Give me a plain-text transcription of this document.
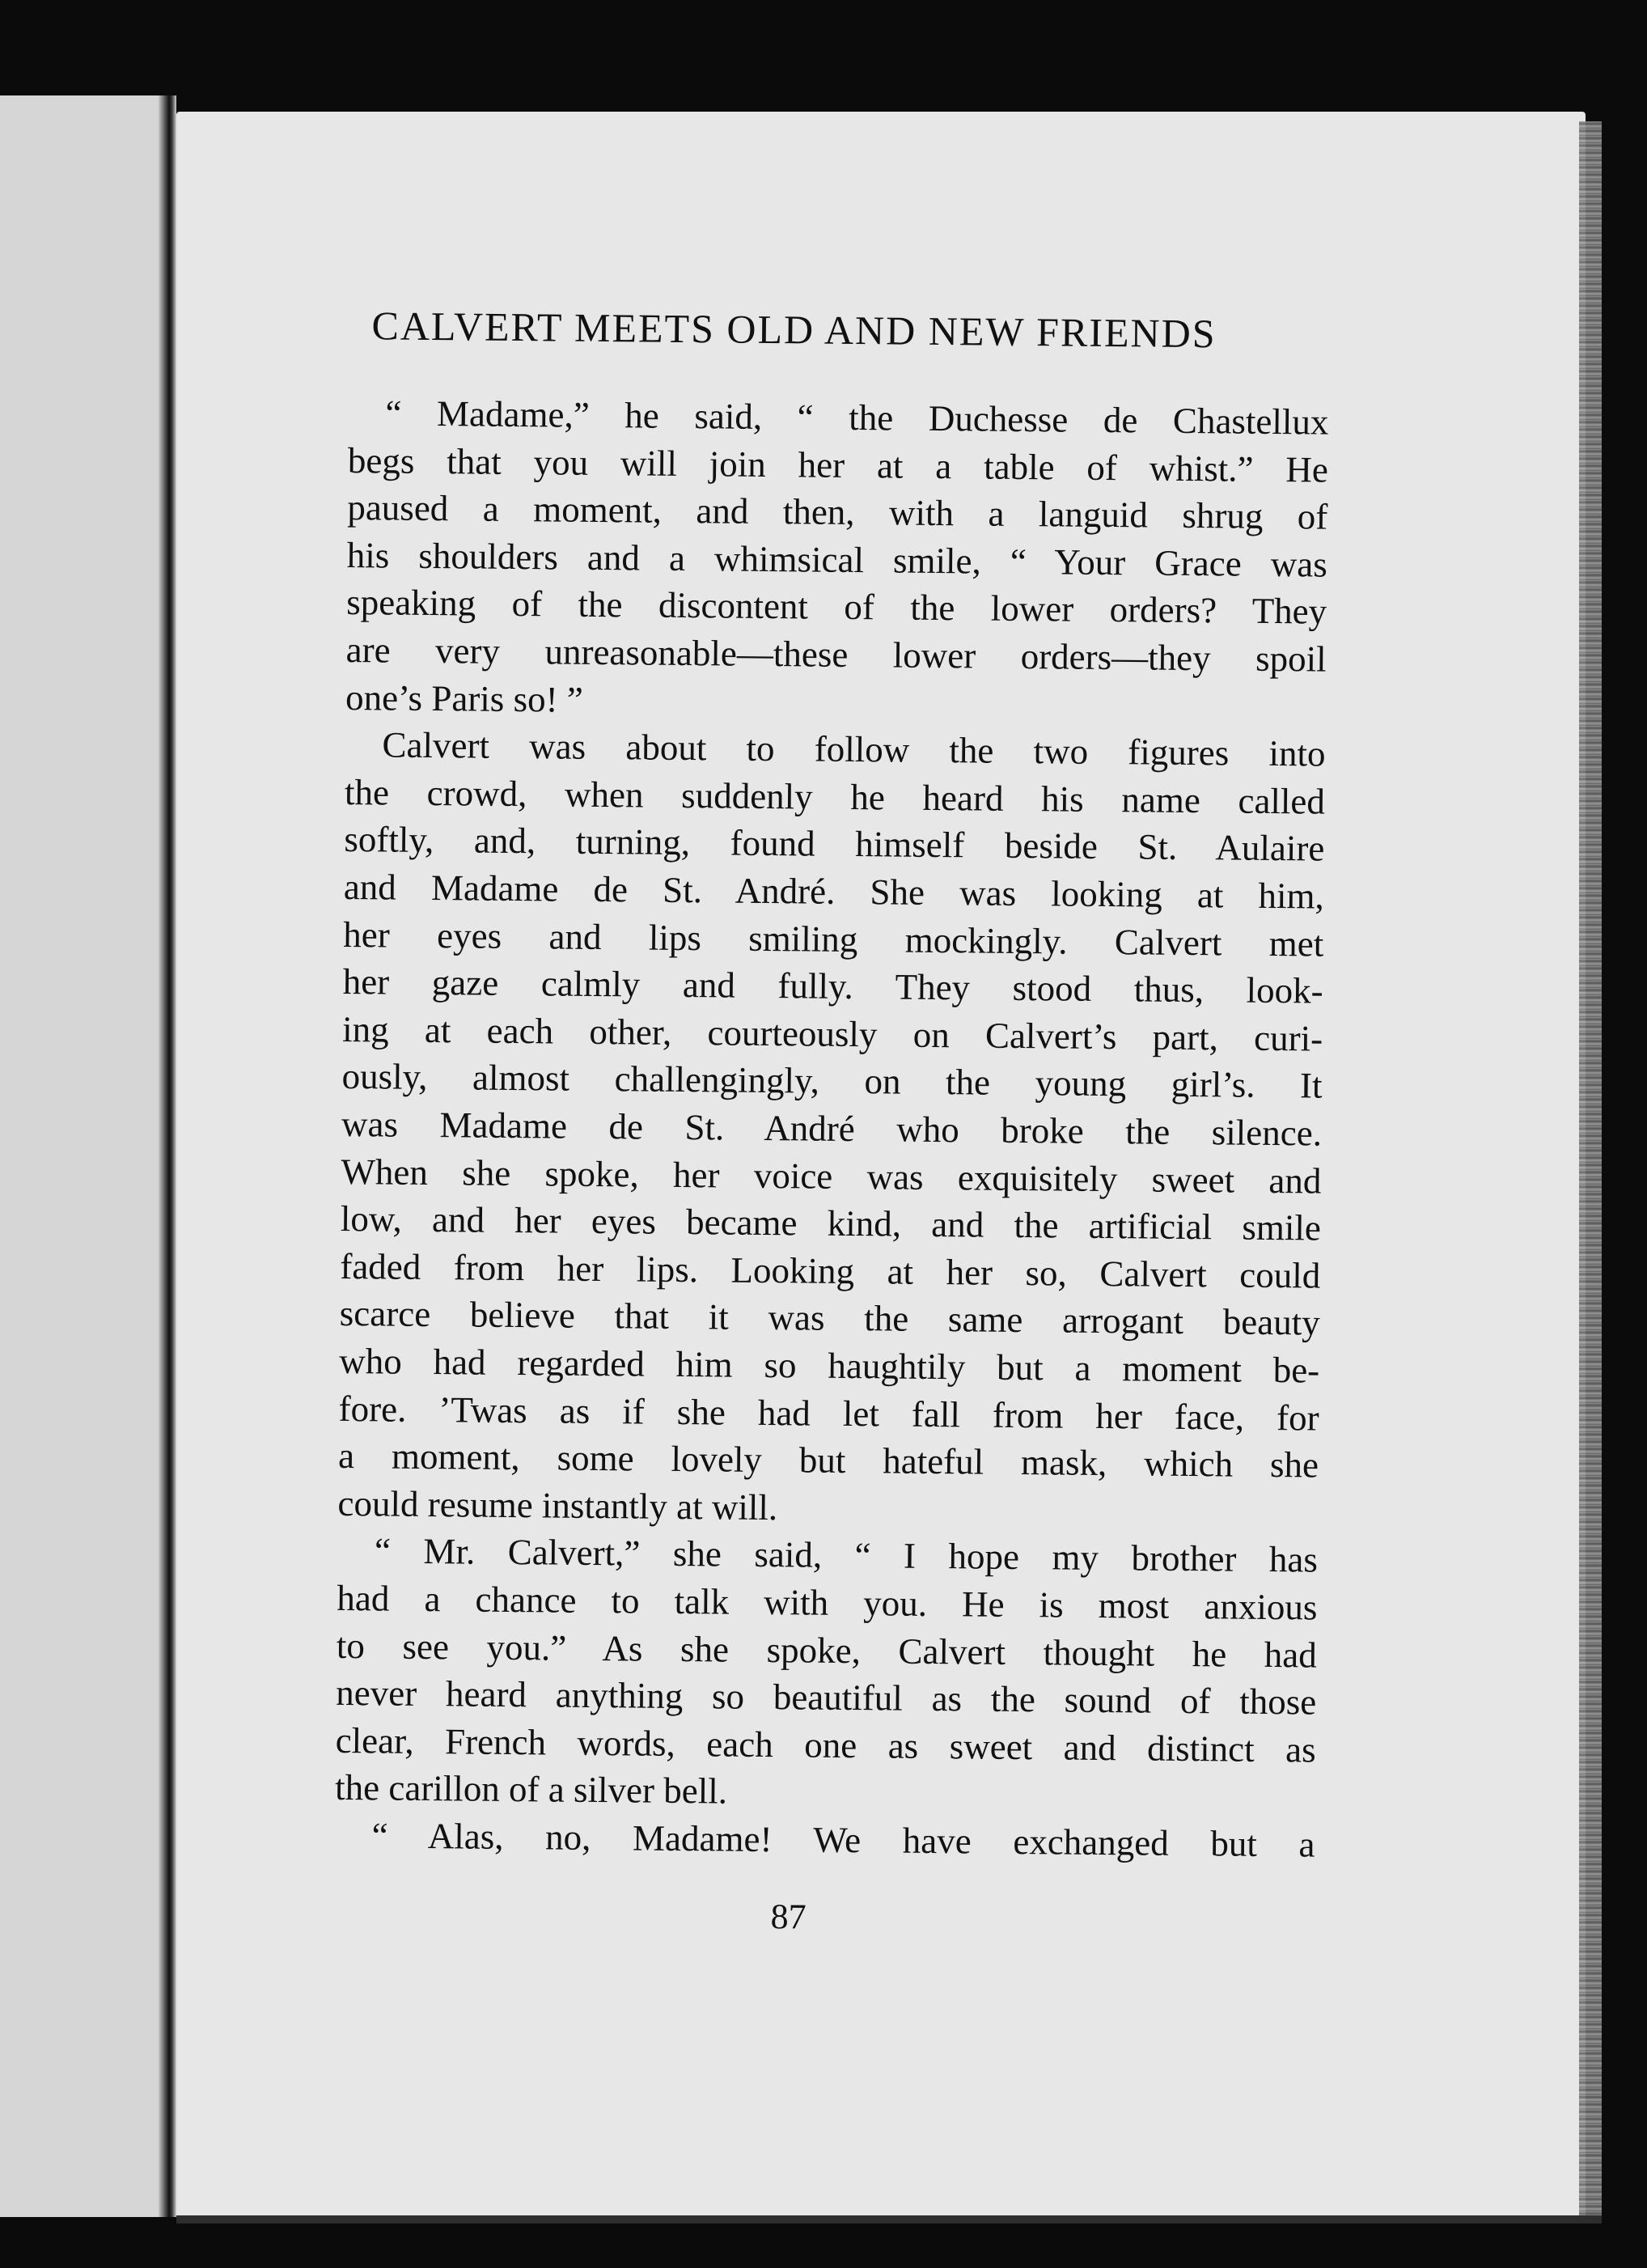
CALVERT MEETS OLD AND NEW FRIENDS
“ Madame,” he said, “ the Duchesse de Chastellux
begs that you will join her at a table of whist.” He
paused a moment, and then, with a languid shrug of
his shoulders and a whimsical smile, “ Your Grace was
speaking of the discontent of the lower orders? They
are very unreasonable—these lower orders—they spoil
one’s Paris so! ”
Calvert was about to follow the two figures into
the crowd, when suddenly he heard his name called
softly, and, turning, found himself beside St. Aulaire
and Madame de St. André. She was looking at him,
her eyes and lips smiling mockingly. Calvert met
her gaze calmly and fully. They stood thus, look-
ing at each other, courteously on Calvert’s part, curi-
ously, almost challengingly, on the young girl’s. It
was Madame de St. André who broke the silence.
When she spoke, her voice was exquisitely sweet and
low, and her eyes became kind, and the artificial smile
faded from her lips. Looking at her so, Calvert could
scarce believe that it was the same arrogant beauty
who had regarded him so haughtily but a moment be-
fore. ’Twas as if she had let fall from her face, for
a moment, some lovely but hateful mask, which she
could resume instantly at will.
“ Mr. Calvert,” she said, “ I hope my brother has
had a chance to talk with you. He is most anxious
to see you.” As she spoke, Calvert thought he had
never heard anything so beautiful as the sound of those
clear, French words, each one as sweet and distinct as
the carillon of a silver bell.
“ Alas, no, Madame! We have exchanged but a
87
